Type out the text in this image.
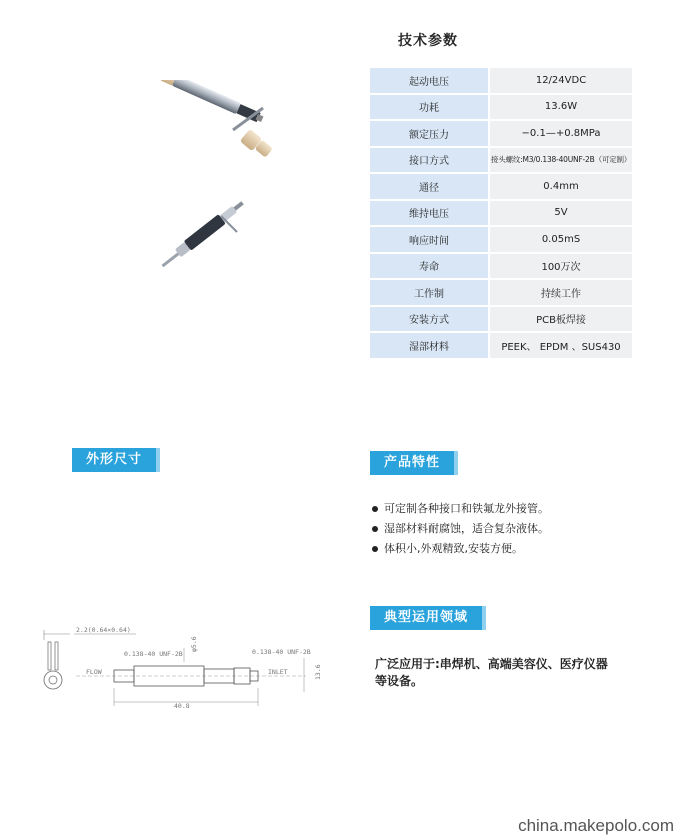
技术参数
起动电压	12/24VDC
功耗	13.6W
额定压力	−0.1—+0.8MPa
接口方式	接头螺纹:M3/0.138-40UNF-2B（可定制）
通径	0.4mm
维持电压	5V
响应时间	0.05mS
寿命	100万次
工作制	持续工作
安装方式	PCB板焊接
湿部材料	PEEK、 EPDM 、SUS430
外形尺寸	产品特性
可定制各种接口和铁氟龙外接管。
湿部材料耐腐蚀，适合复杂液体。
体积小,外观精致,安装方便。
典型运用领域
广泛应用于:串焊机、高端美容仪、医疗仪器等设备。
2.2(0.64×0.64)
0.138-40 UNF-2B	0.138-40 UNF-2B
φ5.6
FLOW	INLET
40.8
13.6
china.makepolo.com
